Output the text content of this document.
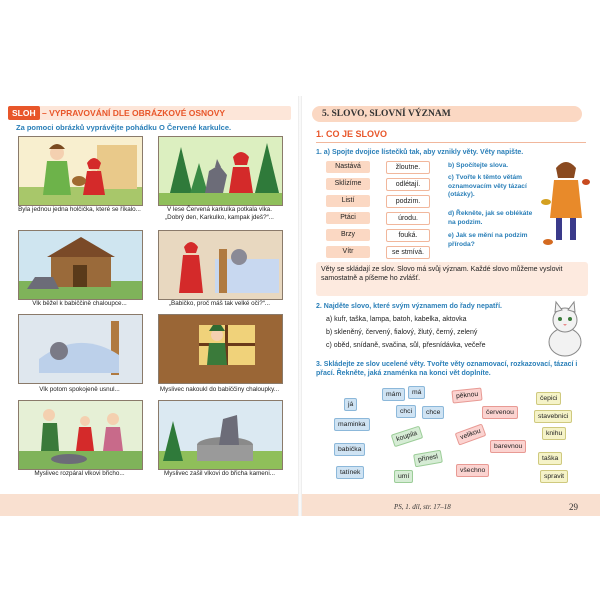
SLOH – VYPRAVOVÁNÍ DLE OBRÁZKOVÉ OSNOVY
Za pomoci obrázků vyprávějte pohádku O Červené karkulce.
Byla jednou jedna holčička, které se říkalo...	V lese Červená karkulka potkala vlka. „Dobrý den, Karkulko, kampak jdeš?“...
Vlk běžel k babiččině chaloupce...	„Babičko, proč máš tak velké oči?“...
Vlk potom spokojeně usnul...	Myslivec nakoukl do babiččiny chaloupky...
Myslivec rozpáral vlkovi břicho...	Myslivec zašil vlkovi do břicha kameni...
5. SLOVO, SLOVNÍ VÝZNAM
1. CO JE SLOVO
1. a) Spojte dvojice lístečků tak, aby vznikly věty. Věty napište.
Nastává
Sklízíme
Listí
Ptáci
Brzy
Vítr
žloutne.
odlétají.
podzim.
úrodu.
fouká.
se stmívá.
b) Spočítejte slova.
c) Tvořte k těmto větám oznamovacím věty tázací (otázky).
d) Řekněte, jak se oblékáte na podzim.
e) Jak se mění na podzim příroda?
Věty se skládají ze slov. Slovo má svůj význam. Každé slovo můžeme vyslovit samostatně a píšeme ho zvlášť.
2. Najděte slovo, které svým významem do řady nepatří.
a) kufr, taška, lampa, batoh, kabelka, aktovka
b) skleněný, červený, fialový, žlutý, černý, zelený
c) oběd, snídaně, svačina, sůl, přesnídávka, večeře
3. Skládejte ze slov ucelené věty. Tvořte věty oznamovací, rozkazovací, tázací i přací. Řekněte, jaká znaménka na konci vět doplníte.
mám	má	pěknou	čepici
já
chci	chce	červenou
stavebnici
maminka
koupila	velikou	knihu
babička
přinesl
barevnou
taška
tatínek
umí
všechno
spravit
PS, 1. díl, str. 17–18	29
